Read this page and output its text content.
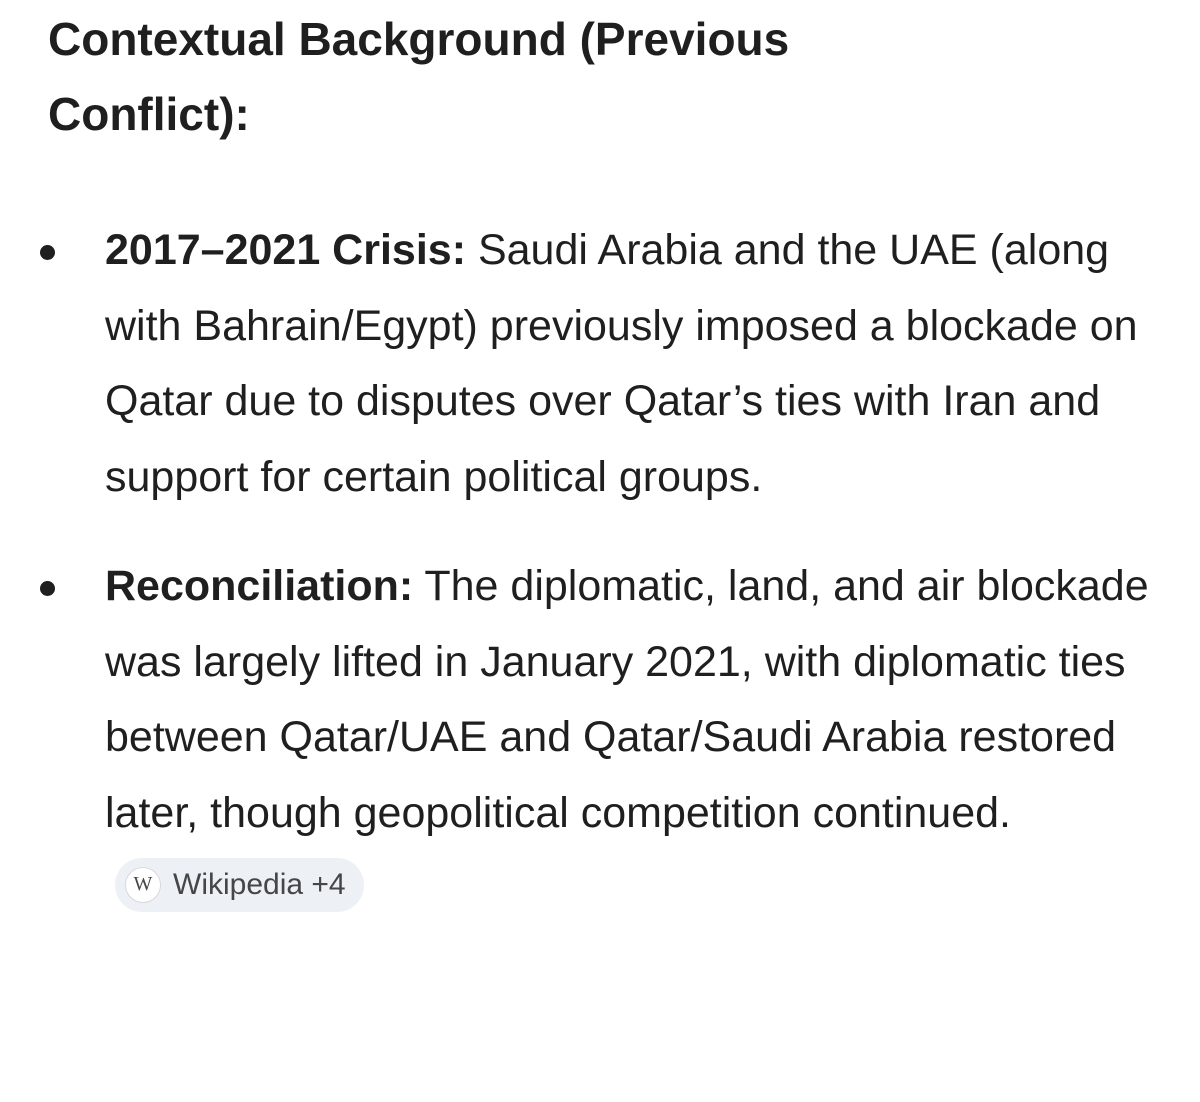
Contextual Background (Previous Conflict):
2017–2021 Crisis: Saudi Arabia and the UAE (along with Bahrain/Egypt) previously imposed a blockade on Qatar due to disputes over Qatar’s ties with Iran and support for certain political groups.
Reconciliation: The diplomatic, land, and air blockade was largely lifted in January 2021, with diplomatic ties between Qatar/UAE and Qatar/Saudi Arabia restored later, though geopolitical competition continued.
W Wikipedia +4
